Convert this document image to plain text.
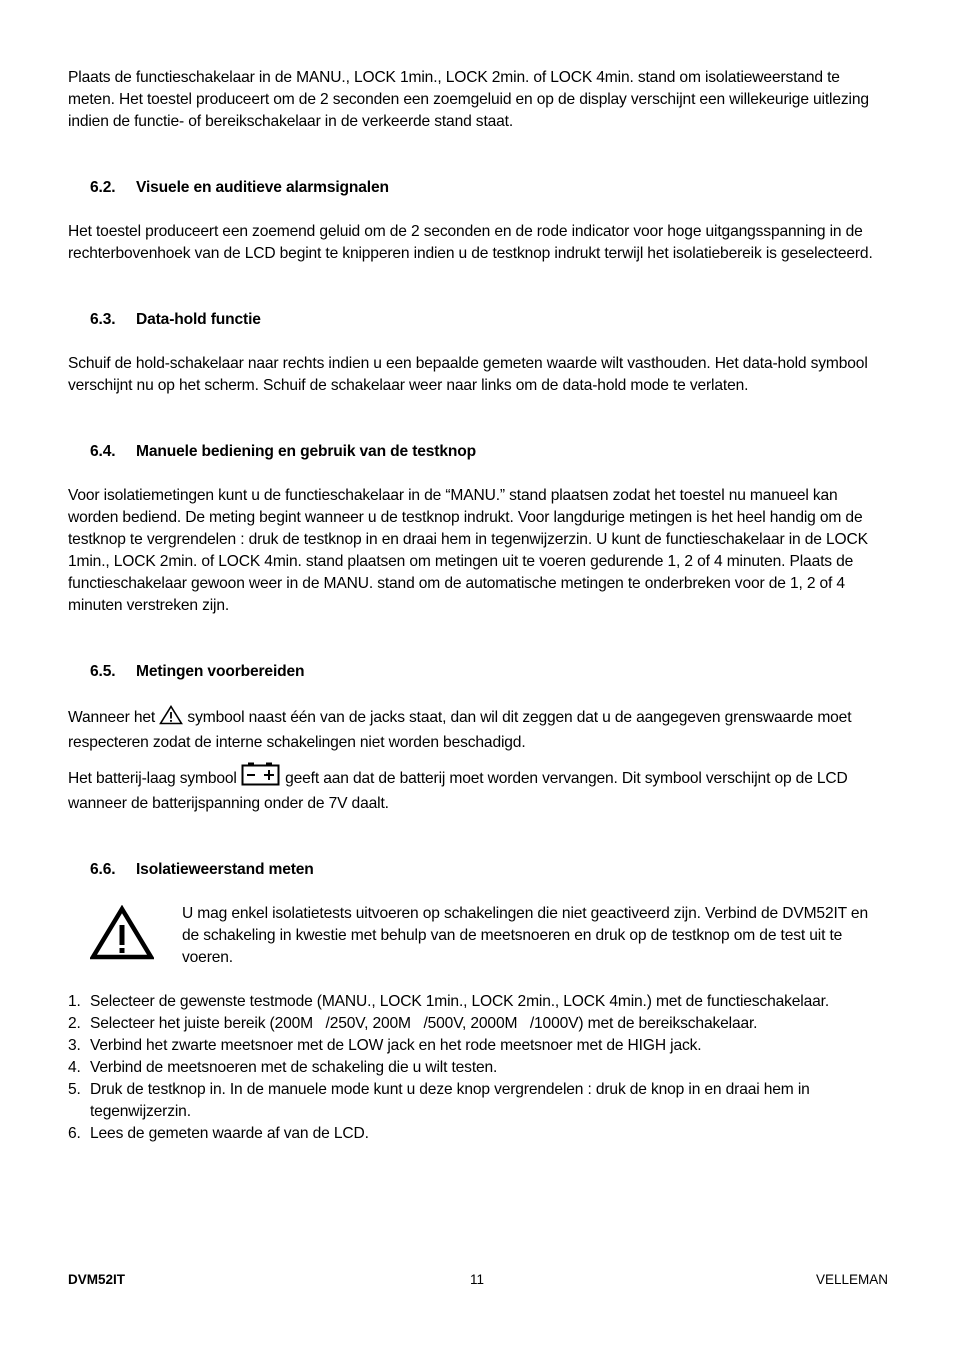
Plaats de functieschakelaar in de MANU., LOCK 1min., LOCK 2min. of LOCK 4min. stand om isolatieweerstand te meten. Het toestel produceert om de 2 seconden een zoemgeluid en op de display verschijnt een willekeurige uitlezing indien de functie- of bereikschakelaar in de verkeerde stand staat.

6.2.	Visuele en auditieve alarmsignalen

Het toestel produceert een zoemend geluid om de 2 seconden en de rode indicator voor hoge uitgangsspanning in de rechterbovenhoek van de LCD begint te knipperen indien u de testknop indrukt terwijl het isolatiebereik is geselecteerd.

6.3.	Data-hold functie

Schuif de hold-schakelaar naar rechts indien u een bepaalde gemeten waarde wilt vasthouden. Het data-hold symbool verschijnt nu op het scherm. Schuif de schakelaar weer naar links om de data-hold mode te verlaten.

6.4.	Manuele bediening en gebruik van de testknop

Voor isolatiemetingen kunt u de functieschakelaar in de “MANU.” stand plaatsen zodat het toestel nu manueel kan worden bediend. De meting begint wanneer u de testknop indrukt. Voor langdurige metingen is het heel handig om de testknop te vergrendelen : druk de testknop in en draai hem in tegenwijzerzin. U kunt de functieschakelaar in de LOCK 1min., LOCK 2min. of LOCK 4min. stand plaatsen om metingen uit te voeren gedurende 1, 2 of 4 minuten. Plaats de functieschakelaar gewoon weer in de MANU. stand om de automatische metingen te onderbreken voor de 1, 2 of 4 minuten verstreken zijn.

6.5.	Metingen voorbereiden

Wanneer het  symbool naast één van de jacks staat, dan wil dit zeggen dat u de aangegeven grenswaarde moet respecteren zodat de interne schakelingen niet worden beschadigd.

Het batterij-laag symbool	geeft aan dat de batterij moet worden vervangen. Dit symbool verschijnt op de LCD wanneer de batterijspanning onder de 7V daalt.

6.6.	Isolatieweerstand meten

U mag enkel isolatietests uitvoeren op schakelingen die niet geactiveerd zijn. Verbind de DVM52IT en de schakeling in kwestie met behulp van de meetsnoeren en druk op de testknop om de test uit te voeren.

1. Selecteer de gewenste testmode (MANU., LOCK 1min., LOCK 2min., LOCK 4min.) met de functieschakelaar.
2. Selecteer het juiste bereik (200M   /250V, 200M   /500V, 2000M   /1000V) met de bereikschakelaar.
3. Verbind het zwarte meetsnoer met de LOW jack en het rode meetsnoer met de HIGH jack.
4. Verbind de meetsnoeren met de schakeling die u wilt testen.
5. Druk de testknop in. In de manuele mode kunt u deze knop vergrendelen : druk de knop in en draai hem in tegenwijzerzin.
6. Lees de gemeten waarde af van de LCD.
DVM52IT	11	VELLEMAN
